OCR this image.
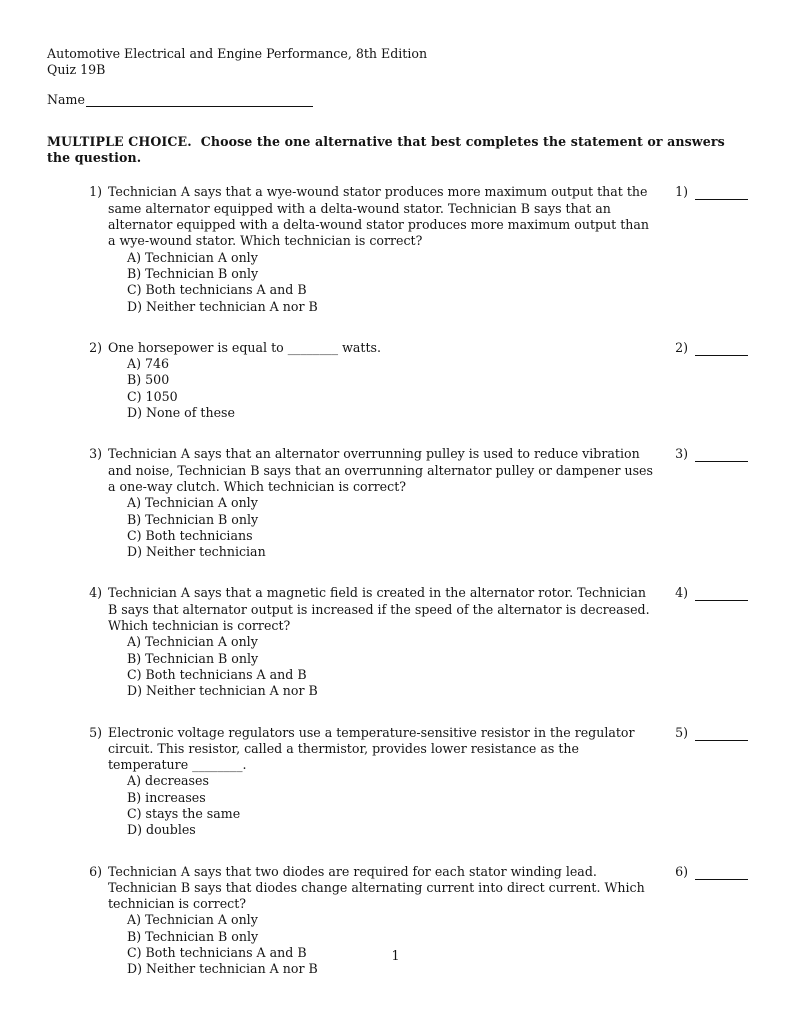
Automotive Electrical and Engine Performance, 8th Edition
Quiz 19B
Name
MULTIPLE CHOICE. Choose the one alternative that best completes the statement or answers the question.
1) Technician A says that a wye-wound stator produces more maximum output that the same alternator equipped with a delta-wound stator. Technician B says that an alternator equipped with a delta-wound stator produces more maximum output than a wye-wound stator. Which technician is correct?
A) Technician A only
B) Technician B only
C) Both technicians A and B
D) Neither technician A nor B
1)
2) One horsepower is equal to ________ watts.
A) 746
B) 500
C) 1050
D) None of these
2)
3) Technician A says that an alternator overrunning pulley is used to reduce vibration and noise, Technician B says that an overrunning alternator pulley or dampener uses a one-way clutch. Which technician is correct?
A) Technician A only
B) Technician B only
C) Both technicians
D) Neither technician
3)
4) Technician A says that a magnetic field is created in the alternator rotor. Technician B says that alternator output is increased if the speed of the alternator is decreased. Which technician is correct?
A) Technician A only
B) Technician B only
C) Both technicians A and B
D) Neither technician A nor B
4)
5) Electronic voltage regulators use a temperature-sensitive resistor in the regulator circuit. This resistor, called a thermistor, provides lower resistance as the temperature ________.
A) decreases
B) increases
C) stays the same
D) doubles
5)
6) Technician A says that two diodes are required for each stator winding lead. Technician B says that diodes change alternating current into direct current. Which technician is correct?
A) Technician A only
B) Technician B only
C) Both technicians A and B
D) Neither technician A nor B
6)
1
